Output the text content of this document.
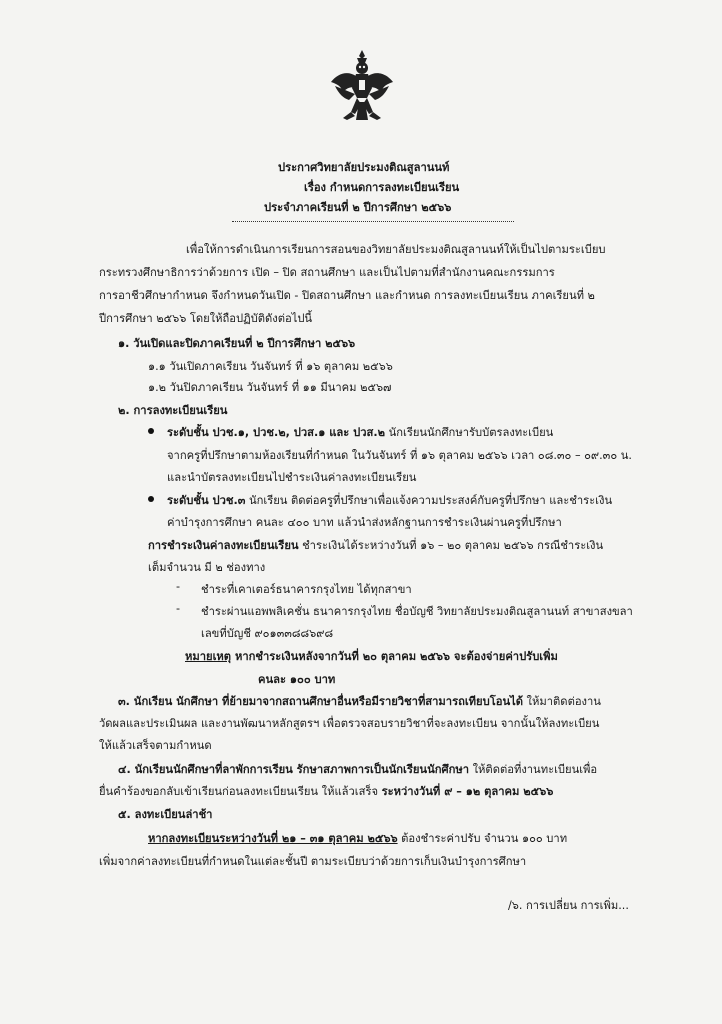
ประกาศวิทยาลัยประมงติณสูลานนท์
เรื่อง กำหนดการลงทะเบียนเรียน
ประจำภาคเรียนที่ ๒ ปีการศึกษา ๒๕๖๖
เพื่อให้การดำเนินการเรียนการสอนของวิทยาลัยประมงติณสูลานนท์ให้เป็นไปตามระเบียบ
กระทรวงศึกษาธิการว่าด้วยการ เปิด – ปิด สถานศึกษา และเป็นไปตามที่สำนักงานคณะกรรมการ
การอาชีวศึกษากำหนด จึงกำหนดวันเปิด - ปิดสถานศึกษา และกำหนด การลงทะเบียนเรียน ภาคเรียนที่ ๒
ปีการศึกษา ๒๕๖๖ โดยให้ถือปฏิบัติดังต่อไปนี้
๑. วันเปิดและปิดภาคเรียนที่ ๒ ปีการศึกษา ๒๕๖๖
๑.๑ วันเปิดภาคเรียน วันจันทร์ ที่ ๑๖ ตุลาคม ๒๕๖๖
๑.๒ วันปิดภาคเรียน วันจันทร์ ที่ ๑๑ มีนาคม ๒๕๖๗
๒. การลงทะเบียนเรียน
ระดับชั้น ปวช.๑, ปวช.๒, ปวส.๑ และ ปวส.๒ นักเรียนนักศึกษารับบัตรลงทะเบียน
จากครูที่ปรึกษาตามห้องเรียนที่กำหนด ในวันจันทร์ ที่ ๑๖ ตุลาคม ๒๕๖๖ เวลา ๐๘.๓๐ – ๐๙.๓๐ น.
และนำบัตรลงทะเบียนไปชำระเงินค่าลงทะเบียนเรียน
ระดับชั้น ปวช.๓ นักเรียน ติดต่อครูที่ปรึกษาเพื่อแจ้งความประสงค์กับครูที่ปรึกษา และชำระเงิน
ค่าบำรุงการศึกษา คนละ ๔๐๐ บาท แล้วนำส่งหลักฐานการชำระเงินผ่านครูที่ปรึกษา
การชำระเงินค่าลงทะเบียนเรียน ชำระเงินได้ระหว่างวันที่ ๑๖ – ๒๐ ตุลาคม ๒๕๖๖ กรณีชำระเงิน
เต็มจำนวน มี ๒ ช่องทาง
- ชำระที่เคาเตอร์ธนาคารกรุงไทย ได้ทุกสาขา
- ชำระผ่านแอพพลิเคชั่น ธนาคารกรุงไทย ชื่อบัญชี วิทยาลัยประมงติณสูลานนท์ สาขาสงขลา
เลขที่บัญชี ๙๐๑๓๓๘๘๖๙๘
หมายเหตุ หากชำระเงินหลังจากวันที่ ๒๐ ตุลาคม ๒๕๖๖ จะต้องจ่ายค่าปรับเพิ่ม
คนละ ๑๐๐ บาท
๓. นักเรียน นักศึกษา ที่ย้ายมาจากสถานศึกษาอื่นหรือมีรายวิชาที่สามารถเทียบโอนได้ ให้มาติดต่องาน
วัดผลและประเมินผล และงานพัฒนาหลักสูตรฯ เพื่อตรวจสอบรายวิชาที่จะลงทะเบียน จากนั้นให้ลงทะเบียน
ให้แล้วเสร็จตามกำหนด
๔. นักเรียนนักศึกษาที่ลาพักการเรียน รักษาสภาพการเป็นนักเรียนนักศึกษา ให้ติดต่อที่งานทะเบียนเพื่อ
ยื่นคำร้องขอกลับเข้าเรียนก่อนลงทะเบียนเรียน ให้แล้วเสร็จ ระหว่างวันที่ ๙ – ๑๒ ตุลาคม ๒๕๖๖
๕. ลงทะเบียนล่าช้า
หากลงทะเบียนระหว่างวันที่ ๒๑ – ๓๑ ตุลาคม ๒๕๖๖ ต้องชำระค่าปรับ จำนวน ๑๐๐ บาท
เพิ่มจากค่าลงทะเบียนที่กำหนดในแต่ละชั้นปี ตามระเบียบว่าด้วยการเก็บเงินบำรุงการศึกษา
/๖. การเปลี่ยน การเพิ่ม...
